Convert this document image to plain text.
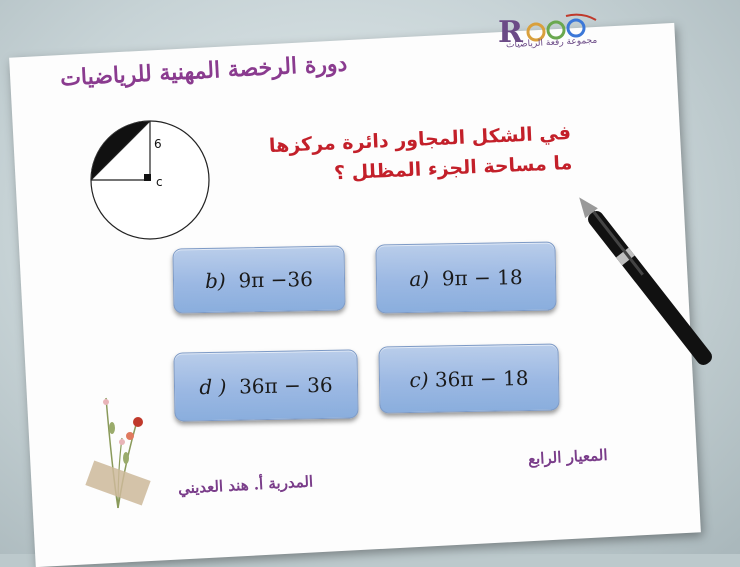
R
مجموعة رفعة الرياضيات
دورة الرخصة المهنية للرياضيات
في الشكل المجاور دائرة مركزها
ما مساحة الجزء المظلل ؟
6
c
b)
9π −36	a)
9π − 18
d )
36π − 36	c)
36π − 18
المدربة أ. هند العديني
المعيار الرابع
